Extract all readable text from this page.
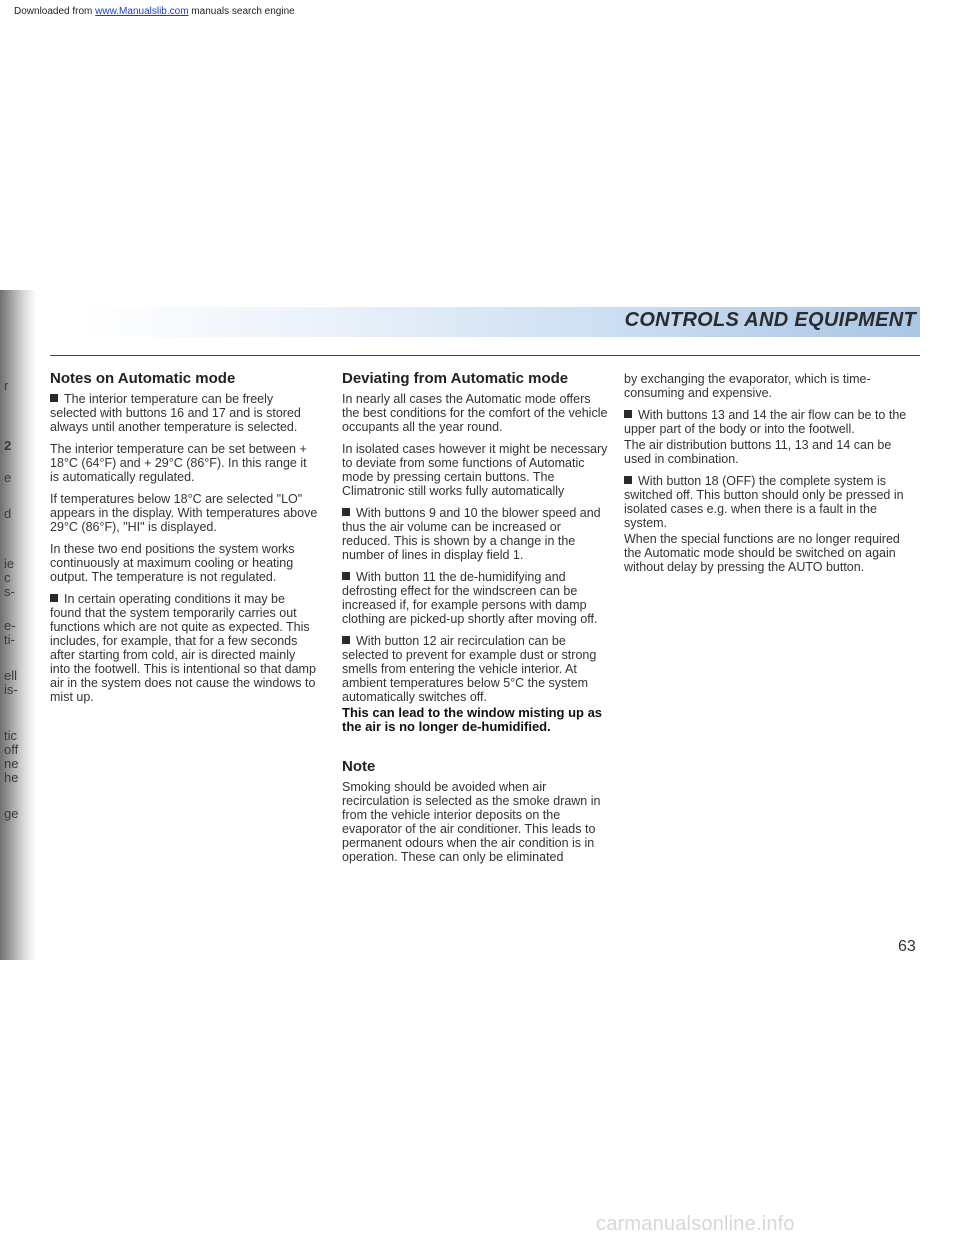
Downloaded from www.Manualslib.com manuals search engine
r
2
e
d
ie
c
s-
e-
ti-
ell
is-
tic
off
ne
he
ge
CONTROLS AND EQUIPMENT
Notes on Automatic mode

The interior temperature can be freely selected with buttons 16 and 17 and is stored always until another temperature is selected.

The interior temperature can be set between + 18°C (64°F) and + 29°C (86°F). In this range it is automatically regulated.

If temperatures below 18°C are selected "LO" appears in the display. With temperatures above 29°C (86°F), "HI" is displayed.

In these two end positions the system works continuously at maximum cooling or heating output. The temperature is not regulated.

In certain operating conditions it may be found that the system temporarily carries out functions which are not quite as expected. This includes, for example, that for a few seconds after starting from cold, air is directed mainly into the footwell. This is intentional so that damp air in the system does not cause the windows to mist up.

Deviating from Automatic mode

In nearly all cases the Automatic mode offers the best conditions for the comfort of the vehicle occupants all the year round.

In isolated cases however it might be necessary to deviate from some functions of Automatic mode by pressing certain buttons. The Climatronic still works fully automatically

With buttons 9 and 10 the blower speed and thus the air volume can be increased or reduced. This is shown by a change in the number of lines in display field 1.

With button 11 the de-humidifying and defrosting effect for the windscreen can be increased if, for example persons with damp clothing are picked-up shortly after moving off.

With button 12 air recirculation can be selected to prevent for example dust or strong smells from entering the vehicle interior. At ambient temperatures below 5°C the system automatically switches off.

This can lead to the window misting up as the air is no longer de-humidified.

Note

Smoking should be avoided when air recirculation is selected as the smoke drawn in from the vehicle interior deposits on the evaporator of the air conditioner. This leads to permanent odours when the air condition is in operation. These can only be eliminated

by exchanging the evaporator, which is time-consuming and expensive.

With buttons 13 and 14 the air flow can be to the upper part of the body or into the footwell.

The air distribution buttons 11, 13 and 14 can be used in combination.

With button 18 (OFF) the complete system is switched off. This button should only be pressed in isolated cases e.g. when there is a fault in the system.

When the special functions are no longer required the Automatic mode should be switched on again without delay by pressing the AUTO button.

63
carmanualsonline.info
